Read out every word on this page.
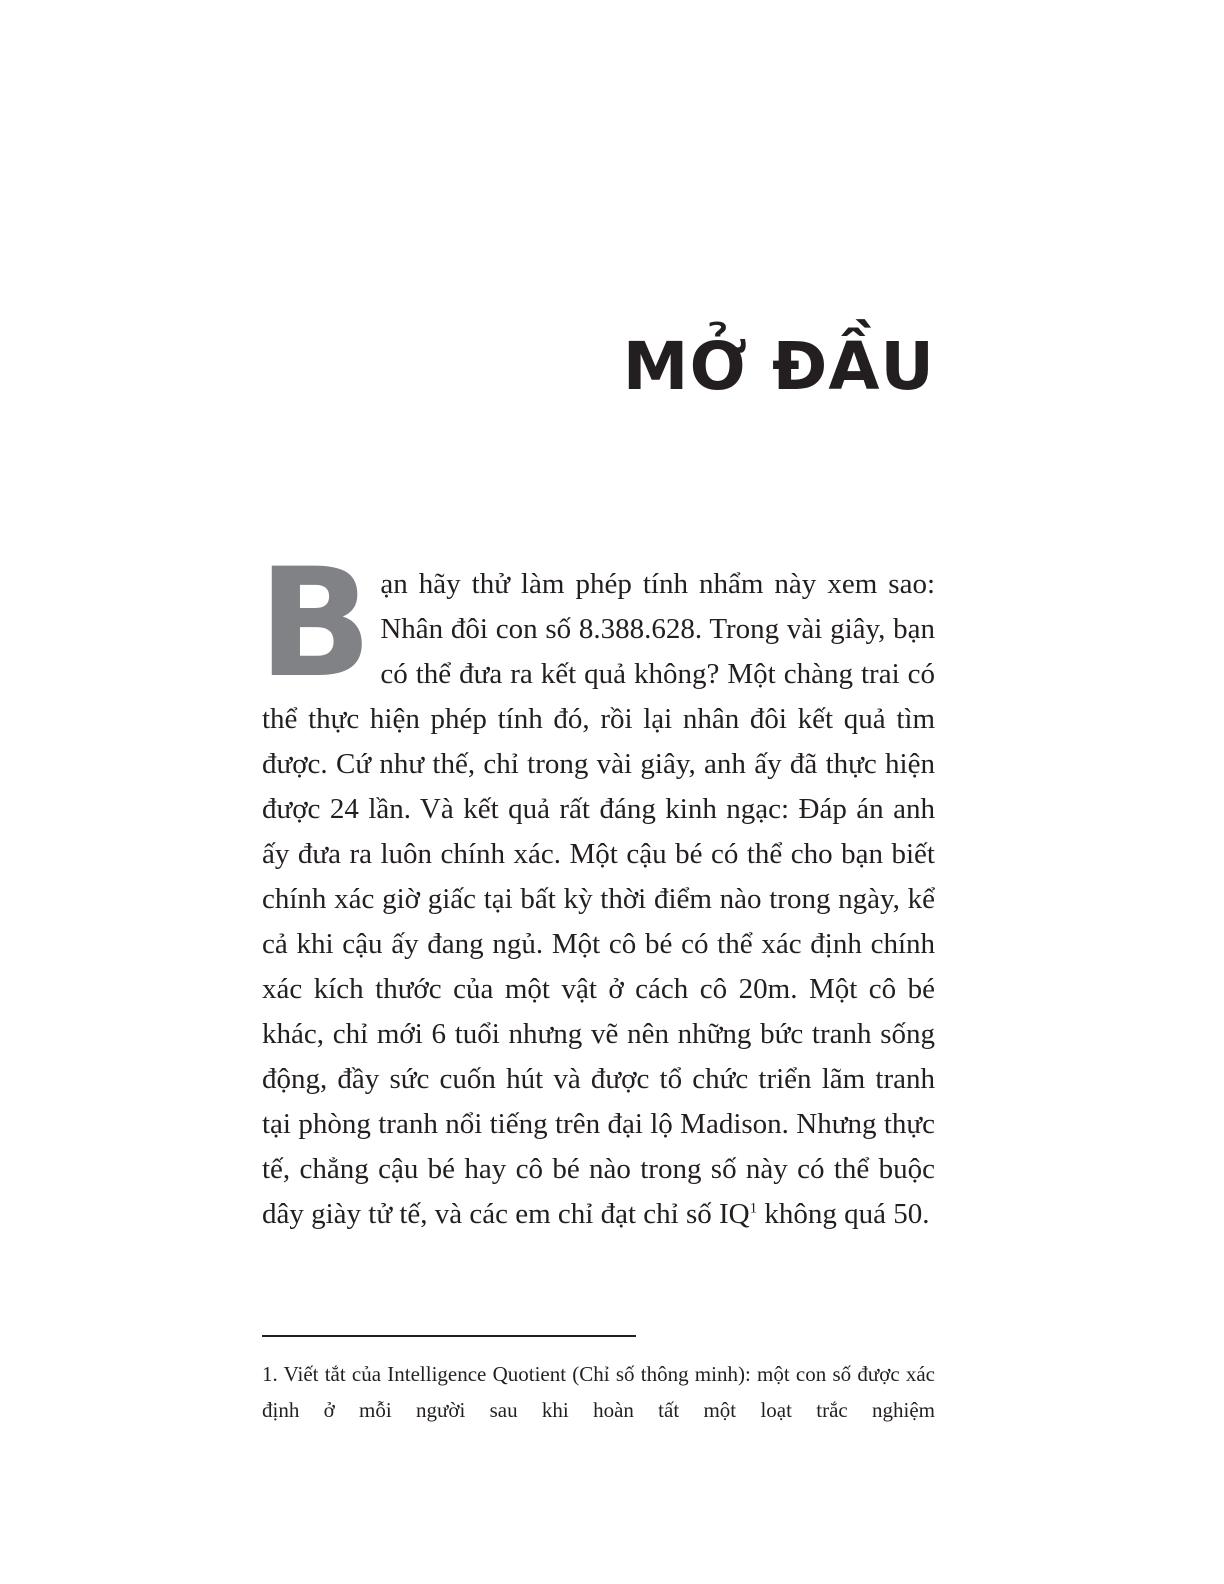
MỞ ĐẦU

Bạn hãy thử làm phép tính nhẩm này xem sao: Nhân đôi con số 8.388.628. Trong vài giây, bạn có thể đưa ra kết quả không? Một chàng trai có thể thực hiện phép tính đó, rồi lại nhân đôi kết quả tìm được. Cứ như thế, chỉ trong vài giây, anh ấy đã thực hiện được 24 lần. Và kết quả rất đáng kinh ngạc: Đáp án anh ấy đưa ra luôn chính xác. Một cậu bé có thể cho bạn biết chính xác giờ giấc tại bất kỳ thời điểm nào trong ngày, kể cả khi cậu ấy đang ngủ. Một cô bé có thể xác định chính xác kích thước của một vật ở cách cô 20m. Một cô bé khác, chỉ mới 6 tuổi nhưng vẽ nên những bức tranh sống động, đầy sức cuốn hút và được tổ chức triển lãm tranh tại phòng tranh nổi tiếng trên đại lộ Madison. Nhưng thực tế, chẳng cậu bé hay cô bé nào trong số này có thể buộc dây giày tử tế, và các em chỉ đạt chỉ số $IQ^1$ không quá 50.

1. Viết tắt của Intelligence Quotient (Chỉ số thông minh): một con số được xác định ở mỗi người sau khi hoàn tất một loạt trắc nghiệm
